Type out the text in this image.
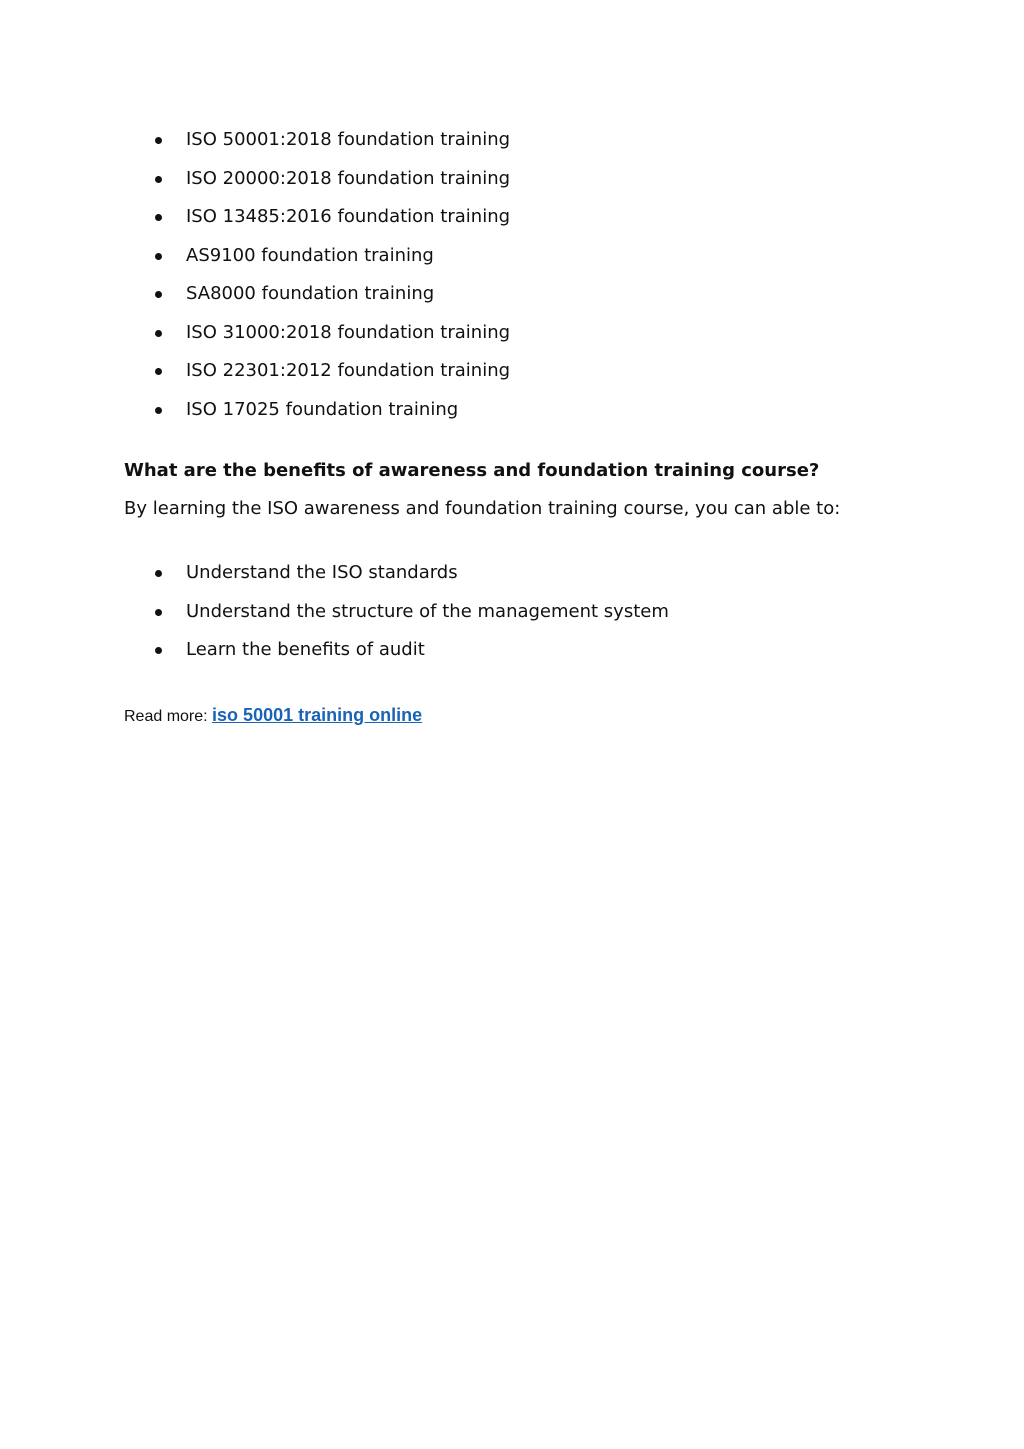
ISO 50001:2018 foundation training
ISO 20000:2018 foundation training
ISO 13485:2016 foundation training
AS9100 foundation training
SA8000 foundation training
ISO 31000:2018 foundation training
ISO 22301:2012 foundation training
ISO 17025 foundation training
What are the benefits of awareness and foundation training course?

By learning the ISO awareness and foundation training course, you can able to:

Understand the ISO standards
Understand the structure of the management system
Learn the benefits of audit
Read more: iso 50001 training online
